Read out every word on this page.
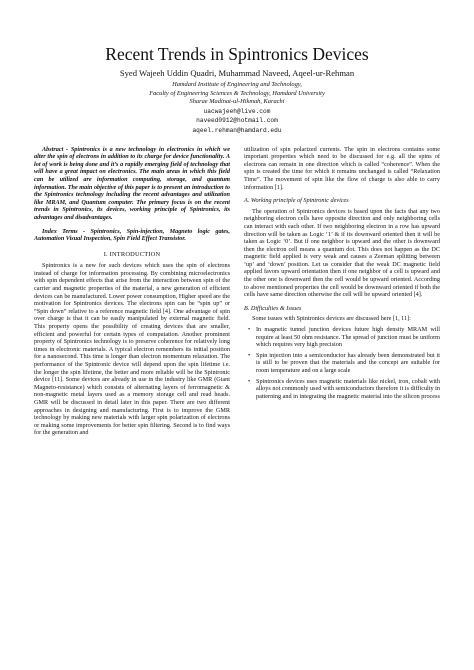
Recent Trends in Spintronics Devices
Syed Wajeeh Uddin Quadri, Muhammad Naveed, Aqeel-ur-Rehman
Hamdard Institute of Engineering and Technology,
Faculty of Engineering Sciences & Technology, Hamdard University
Sharae Madinat-ul-Hikmah, Karachi
uacwajeeh@live.com
naveed0912@hotmail.com
aqeel.rehman@hamdard.edu

Abstract - Spintronics is a new technology in electronics in which we alter the spin of electrons in addition to its charge for device functionality. A lot of work is being done and it’s a rapidly emerging field of technology that will have a great impact on electronics. The main areas in which this field can be utilized are information computing, storage, and quantum information. The main objective of this paper is to present an introduction to the Spintronics technology including the recent advantages and utilization like MRAM, and Quantum computer. The primary focus is on the recent trends in Spintronics, its devices, working principle of Spintronics, its advantages and disadvantages.

Index Terms - Spintronics, Spin-injection, Magneto logic gates, Automation Visual Inspection, Spin Field Effect Transistor.

I. INTRODUCTION

Spintronics is a new for such devices which uses the spin of electrons instead of charge for information processing. By combining microelectronics with spin dependent effects that arise from the interaction between spin of the carrier and magnetic properties of the material, a new generation of efficient devices can be manufactured. Lower power consumption, Higher speed are the motivation for Spintronics devices. The electrons spin can be “spin up” or “Spin down” relative to a reference magnetic field [4]. One advantage of spin over charge is that it can be easily manipulated by external magnetic field. This property opens the possibility of creating devices that are smaller, efficient and powerful for certain types of computation. Another prominent property of Spintronics technology is to preserve coherence for relatively long times in electronic materials. A typical electron remembers its initial position for a nanosecond. This time is longer than electron momentum relaxation. The performance of the Spintronic device will depend upon the spin lifetime i.e. the longer the spin lifetime, the better and more reliable will be the Spintronic device [11]. Some devices are already in use in the industry like GMR (Giant Magneto-resistance) which consists of alternating layers of ferromagnetic & non-magnetic metal layers used as a memory storage cell and read heads. GMR will be discussed in detail later in this paper. There are two different approaches in designing and manufacturing. First is to improve the GMR technology by making new materials with larger spin polarization of electrons or making some improvements for better spin filtering. Second is to find ways for the generation and

utilization of spin polarized currents. The spin in electrons contains some important properties which need to be discussed for e.g. all the spins of electrons can remain in one direction which is called “coherence”. When the spin is created the time for which it remains unchanged is called “Relaxation Time”. The movement of spin like the flow of charge is also able to carry information [1].

A. Working principle of Spintronic devices

The operation of Spintronics devices is based upon the facts that any two neighboring electron cells have opposite direction and only neighboring cells can interact with each other. If two neighboring electron in a row has upward direction will be taken as Logic ‘1’ & if its downward oriented then it will be taken as Logic ‘0’. But if one neighbor is upward and the other is downward then the electron cell means a quantum dot. This does not happen as the DC magnetic field applied is very weak and causes a Zeeman splitting between ‘up’ and ‘down’ position. Let us consider that the weak DC magnetic field applied favors upward orientation then if one neighbor of a cell is upward and the other one is downward then the cell would be upward oriented. According to above mentioned properties the cell would be downward oriented if both the cells have same direction otherwise the cell will be upward oriented [4].

B. Difficulties & Issues

Some issues with Spintronics devices are discussed here [1, 11]:

• In magnetic tunnel junction devices future high density MRAM will require at least 50 ohm resistance. The spread of junction must be uniform which requires very high precision
• Spin injection into a semiconductor has already been demonstrated but it is still to be proven that the materials and the concept are suitable for room temperature and on a large scale
• Spintronics devices uses magnetic materials like nickel, iron, cobalt with alloys not commonly used with semiconductors therefore it is difficulty in patterning and in integrating the magnetic material into the silicon process
